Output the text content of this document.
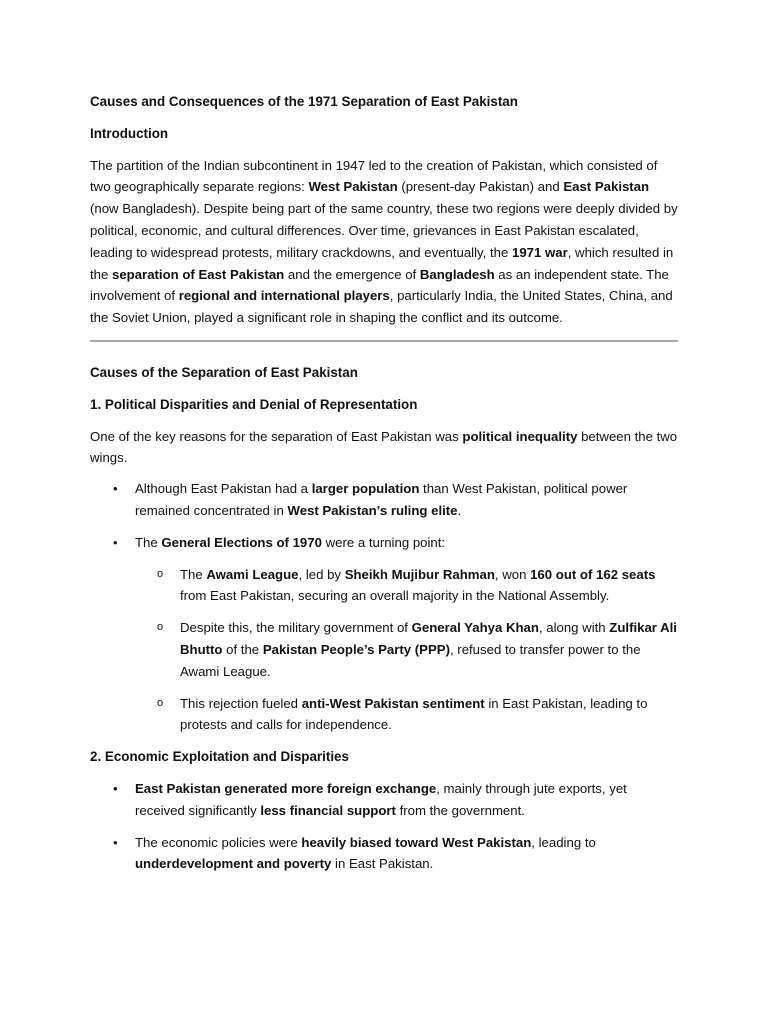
Causes and Consequences of the 1971 Separation of East Pakistan

Introduction

The partition of the Indian subcontinent in 1947 led to the creation of Pakistan, which consisted of two geographically separate regions: West Pakistan (present-day Pakistan) and East Pakistan (now Bangladesh). Despite being part of the same country, these two regions were deeply divided by political, economic, and cultural differences. Over time, grievances in East Pakistan escalated, leading to widespread protests, military crackdowns, and eventually, the 1971 war, which resulted in the separation of East Pakistan and the emergence of Bangladesh as an independent state. The involvement of regional and international players, particularly India, the United States, China, and the Soviet Union, played a significant role in shaping the conflict and its outcome.

Causes of the Separation of East Pakistan

1. Political Disparities and Denial of Representation

One of the key reasons for the separation of East Pakistan was political inequality between the two wings.

• Although East Pakistan had a larger population than West Pakistan, political power remained concentrated in West Pakistan’s ruling elite.
• The General Elections of 1970 were a turning point:
o The Awami League, led by Sheikh Mujibur Rahman, won 160 out of 162 seats from East Pakistan, securing an overall majority in the National Assembly.
o Despite this, the military government of General Yahya Khan, along with Zulfikar Ali Bhutto of the Pakistan People’s Party (PPP), refused to transfer power to the Awami League.
o This rejection fueled anti-West Pakistan sentiment in East Pakistan, leading to protests and calls for independence.

2. Economic Exploitation and Disparities

• East Pakistan generated more foreign exchange, mainly through jute exports, yet received significantly less financial support from the government.
• The economic policies were heavily biased toward West Pakistan, leading to underdevelopment and poverty in East Pakistan.
